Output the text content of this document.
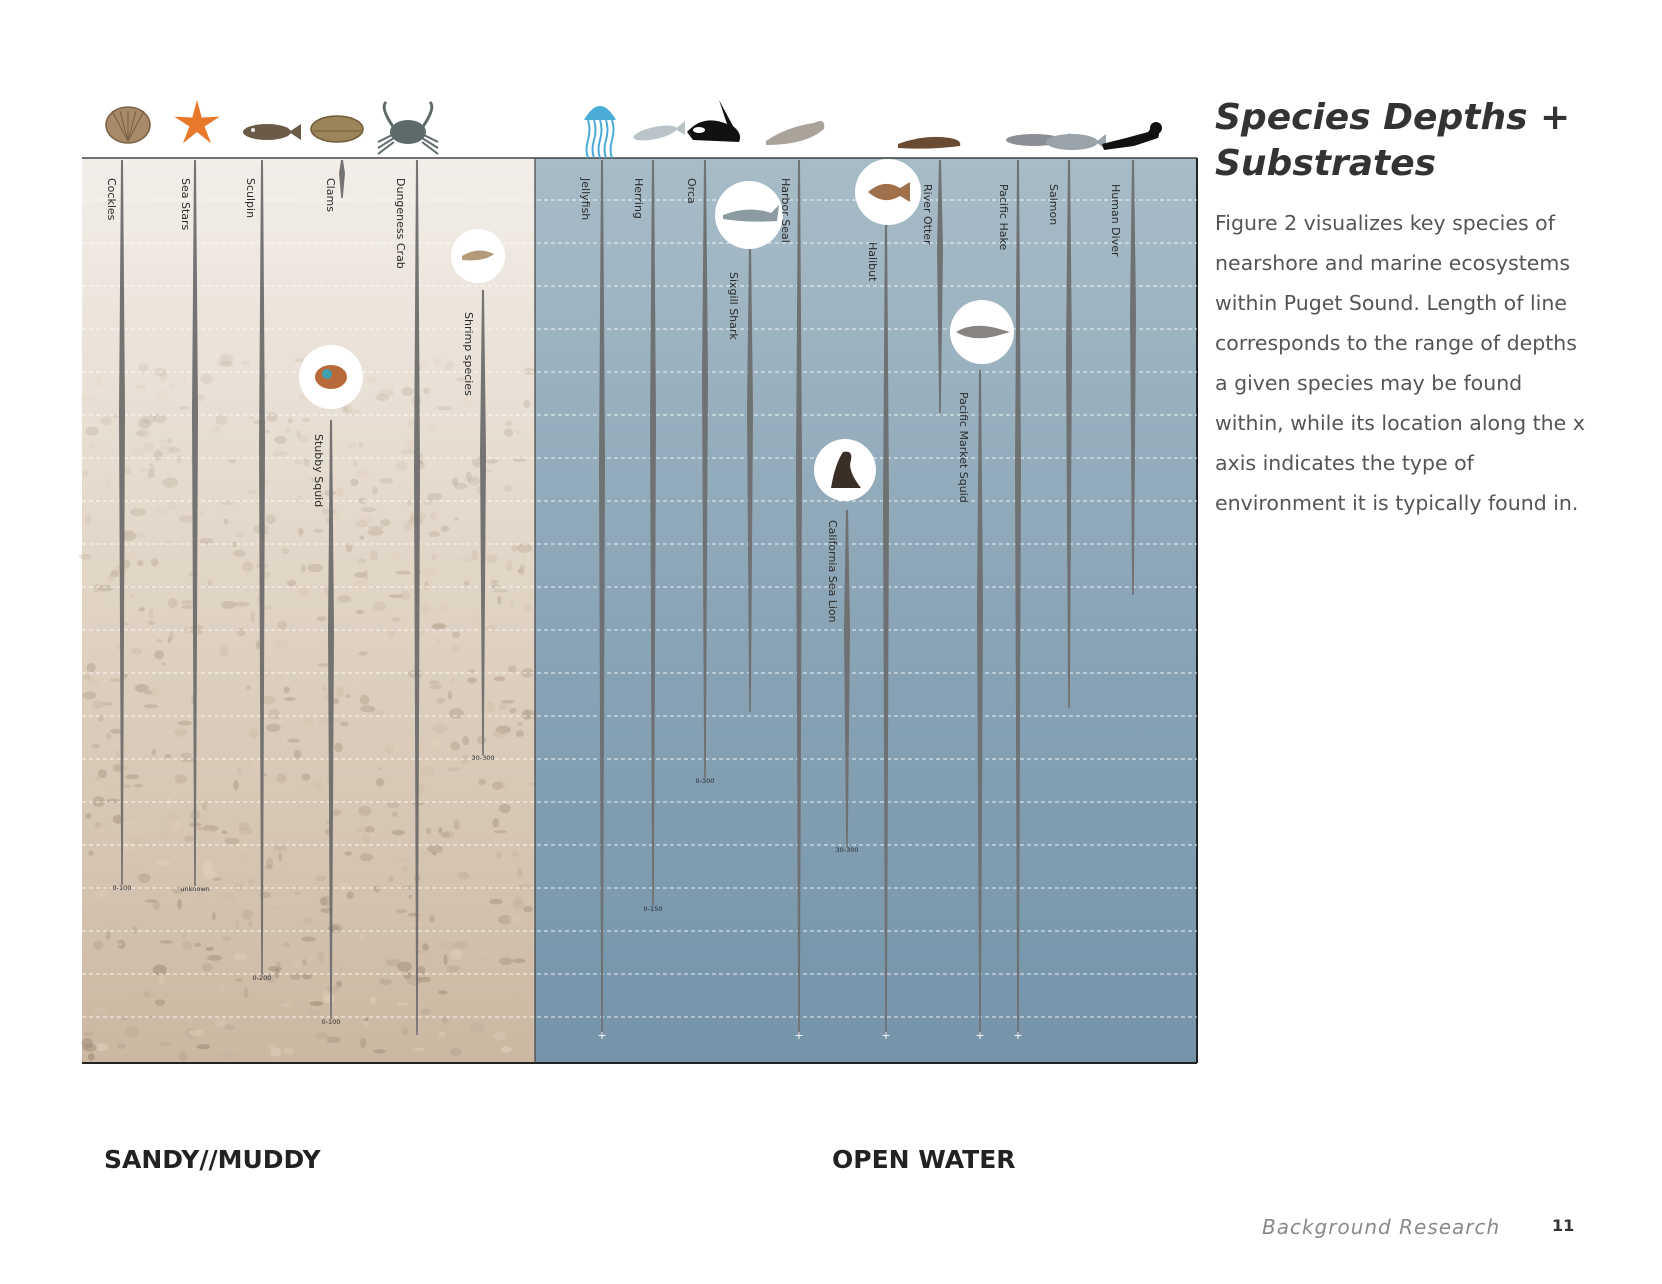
Cockles
0-100
Sea Stars
unknown
Sculpin
0-200
Clams
Stubby Squid
0-100
Dungeness Crab
Shrimp species
30-300
Jellyfish
+
Herring
0-150
Orca
0-300
Sixgill Shark
Harbor Seal
+
California Sea Lion
30-300
Halibut
+
River Otter
Pacific Market Squid
+
Pacific Hake
+
Salmon	Human Diver
Species Depths + Substrates

Figure 2 visualizes key species of nearshore and marine ecosystems within Puget Sound. Length of line corresponds to the range of depths a given species may be found within, while its location along the x axis indicates the type of environment it is typically found in.

SANDY//MUDDY	OPEN WATER
Background Research	11
